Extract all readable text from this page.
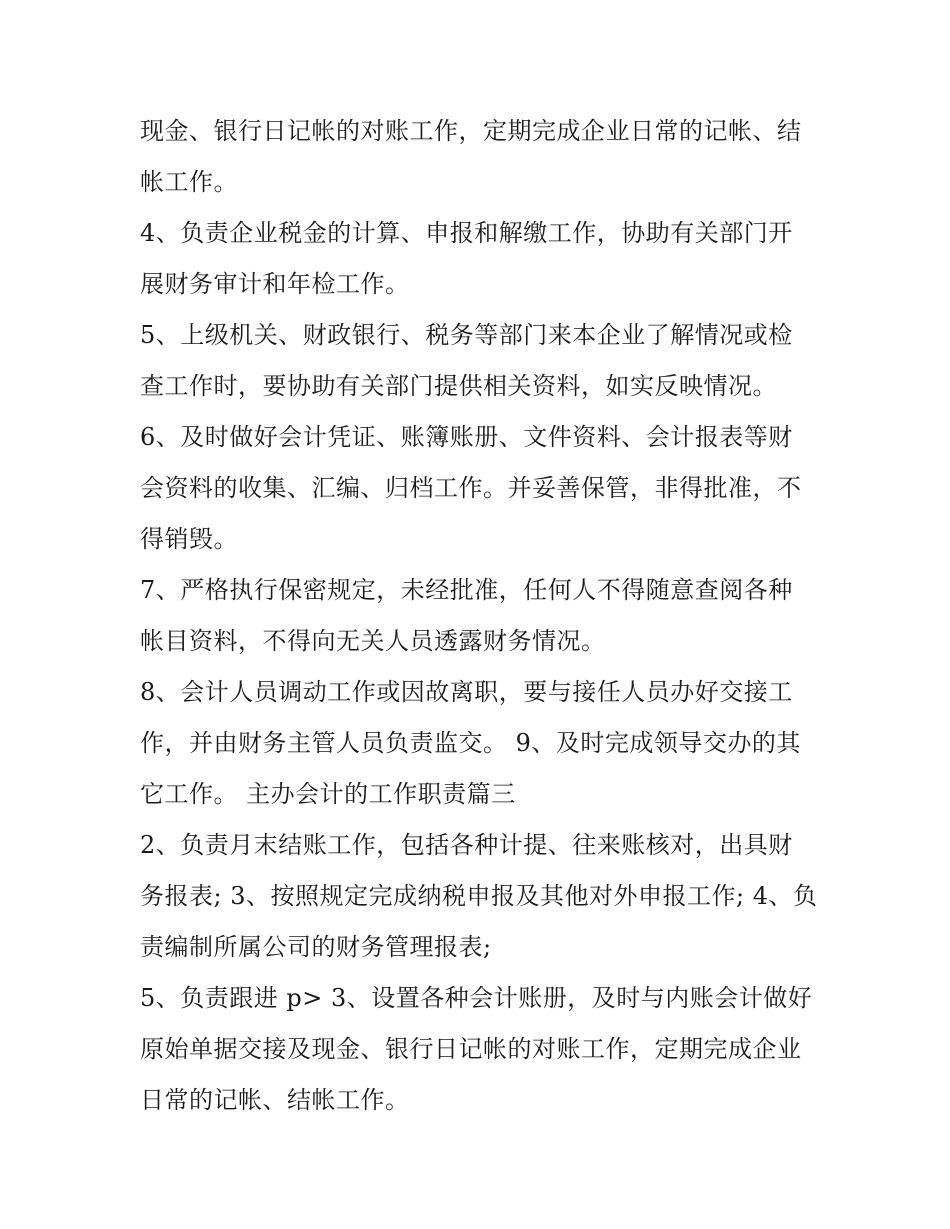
现金、银行日记帐的对账工作，定期完成企业日常的记帐、结
帐工作。
4、负责企业税金的计算、申报和解缴工作，协助有关部门开
展财务审计和年检工作。
5、上级机关、财政银行、税务等部门来本企业了解情况或检
查工作时，要协助有关部门提供相关资料，如实反映情况。
6、及时做好会计凭证、账簿账册、文件资料、会计报表等财
会资料的收集、汇编、归档工作。并妥善保管，非得批准，不
得销毁。
7、严格执行保密规定，未经批准，任何人不得随意查阅各种
帐目资料，不得向无关人员透露财务情况。
8、会计人员调动工作或因故离职，要与接任人员办好交接工
作，并由财务主管人员负责监交。 9、及时完成领导交办的其
它工作。 主办会计的工作职责篇三
2、负责月末结账工作，包括各种计提、往来账核对，出具财
务报表; 3、按照规定完成纳税申报及其他对外申报工作; 4、负
责编制所属公司的财务管理报表;
5、负责跟进 p> 3、设置各种会计账册，及时与内账会计做好
原始单据交接及现金、银行日记帐的对账工作，定期完成企业
日常的记帐、结帐工作。
